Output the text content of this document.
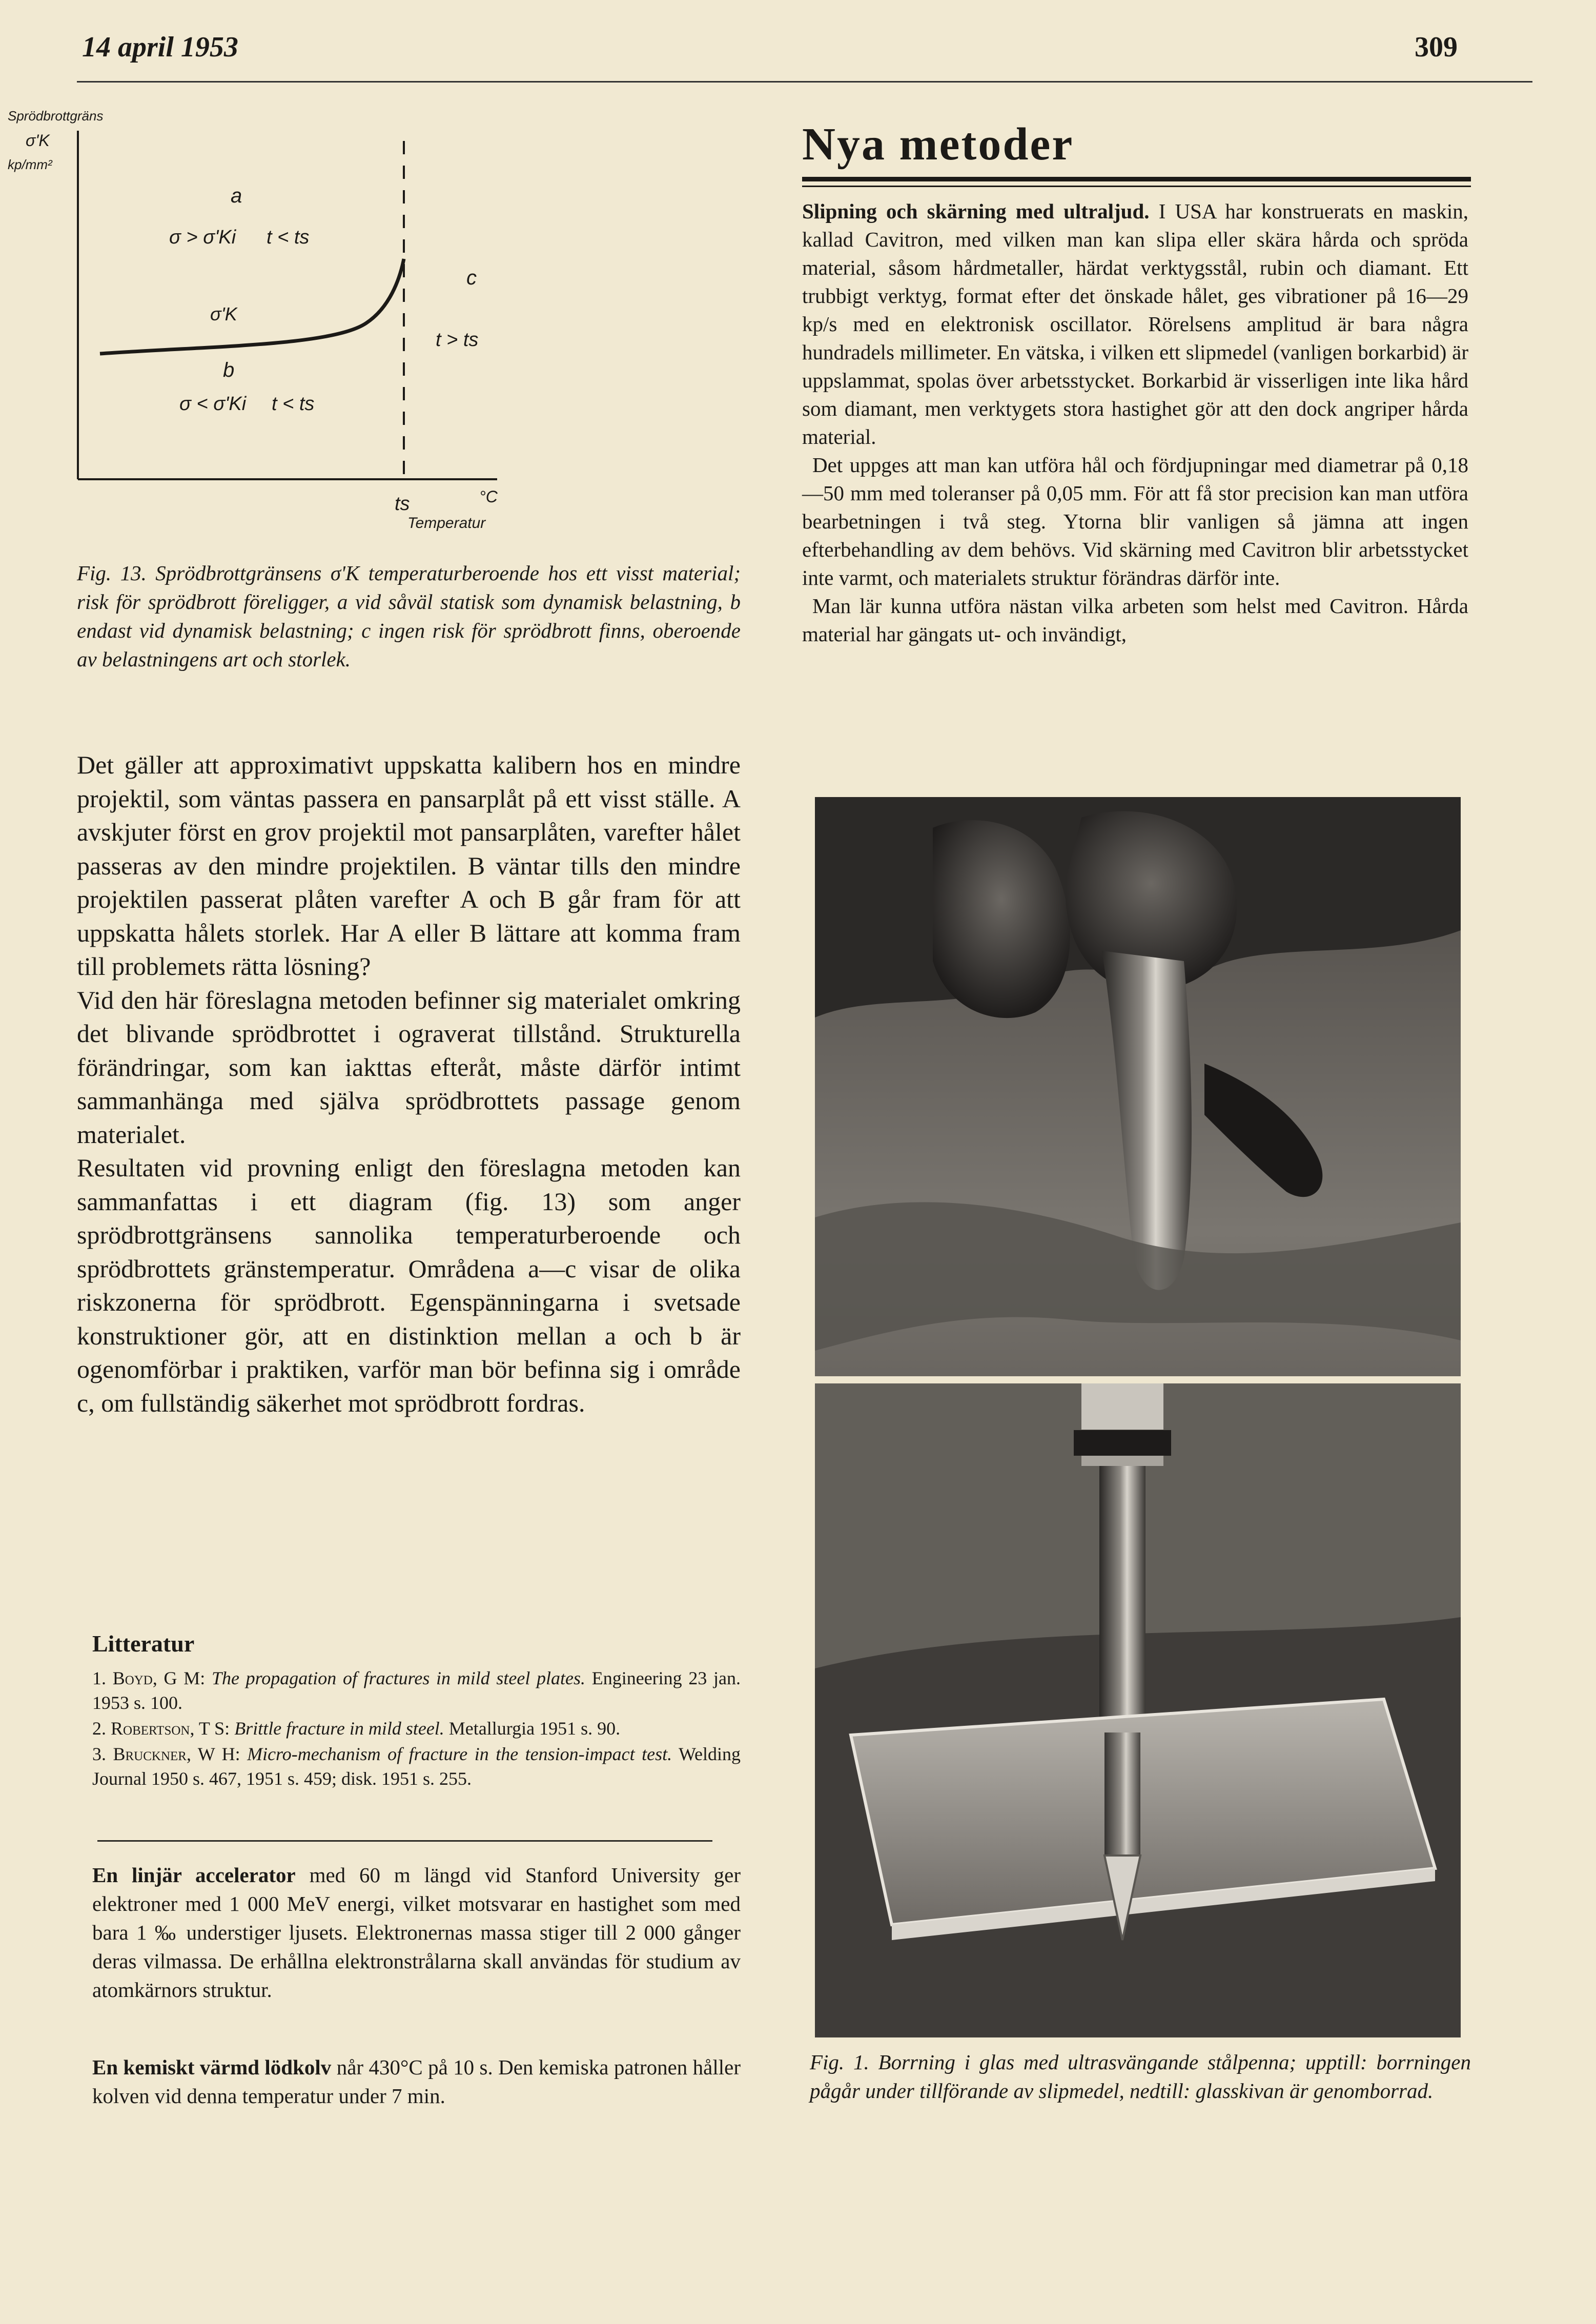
14 april 1953	309
Sprödbrottgräns
σ'K
kp/mm²
a
σ > σ'Ki t < ts
σ'K
b
σ < σ'Ki t < ts
c
t > ts
ts	°C
Temperatur
Fig. 13. Sprödbrottgränsens σ'K temperaturberoende hos ett visst material; risk för sprödbrott föreligger, a vid såväl statisk som dynamisk belastning, b endast vid dynamisk belastning; c ingen risk för sprödbrott finns, oberoende av belastningens art och storlek.

Det gäller att approximativt uppskatta kalibern hos en mindre projektil, som väntas passera en pansarplåt på ett visst ställe. A avskjuter först en grov projektil mot pansarplåten, varefter hålet passeras av den mindre projektilen. B väntar tills den mindre projektilen passerat plåten varefter A och B går fram för att uppskatta hålets storlek. Har A eller B lättare att komma fram till problemets rätta lösning?

Vid den här föreslagna metoden befinner sig materialet omkring det blivande sprödbrottet i ograverat tillstånd. Strukturella förändringar, som kan iakttas efteråt, måste därför intimt sammanhänga med själva sprödbrottets passage genom materialet.

Resultaten vid provning enligt den föreslagna metoden kan sammanfattas i ett diagram (fig. 13) som anger sprödbrottgränsens sannolika temperaturberoende och sprödbrottets gränstemperatur. Områdena a—c visar de olika riskzonerna för sprödbrott. Egenspänningarna i svetsade konstruktioner gör, att en distinktion mellan a och b är ogenomförbar i praktiken, varför man bör befinna sig i område c, om fullständig säkerhet mot sprödbrott fordras.

Litteratur

1. Boyd, G M: The propagation of fractures in mild steel plates. Engineering 23 jan. 1953 s. 100.

2. Robertson, T S: Brittle fracture in mild steel. Metallurgia 1951 s. 90.

3. Bruckner, W H: Micro-mechanism of fracture in the tension-impact test. Welding Journal 1950 s. 467, 1951 s. 459; disk. 1951 s. 255.

En linjär accelerator med 60 m längd vid Stanford University ger elektroner med 1 000 MeV energi, vilket motsvarar en hastighet som med bara 1 ‰ understiger ljusets. Elektronernas massa stiger till 2 000 gånger deras vilmassa. De erhållna elektronstrålarna skall användas för studium av atomkärnors struktur.
En kemiskt värmd lödkolv når 430°C på 10 s. Den kemiska patronen håller kolven vid denna temperatur under 7 min.
Nya metoder

Slipning och skärning med ultraljud. I USA har konstruerats en maskin, kallad Cavitron, med vilken man kan slipa eller skära hårda och spröda material, såsom hårdmetaller, härdat verktygsstål, rubin och diamant. Ett trubbigt verktyg, format efter det önskade hålet, ges vibrationer på 16—29 kp/s med en elektronisk oscillator. Rörelsens amplitud är bara några hundradels millimeter. En vätska, i vilken ett slipmedel (vanligen borkarbid) är uppslammat, spolas över arbetsstycket. Borkarbid är visserligen inte lika hård som diamant, men verktygets stora hastighet gör att den dock angriper hårda material.

Det uppges att man kan utföra hål och fördjupningar med diametrar på 0,18—50 mm med toleranser på 0,05 mm. För att få stor precision kan man utföra bearbetningen i två steg. Ytorna blir vanligen så jämna att ingen efterbehandling av dem behövs. Vid skärning med Cavitron blir arbetsstycket inte varmt, och materialets struktur förändras därför inte.

Man lär kunna utföra nästan vilka arbeten som helst med Cavitron. Hårda material har gängats ut- och invändigt,

Fig. 1. Borrning i glas med ultrasvängande stålpenna; upptill: borrningen pågår under tillförande av slipmedel, nedtill: glasskivan är genomborrad.
